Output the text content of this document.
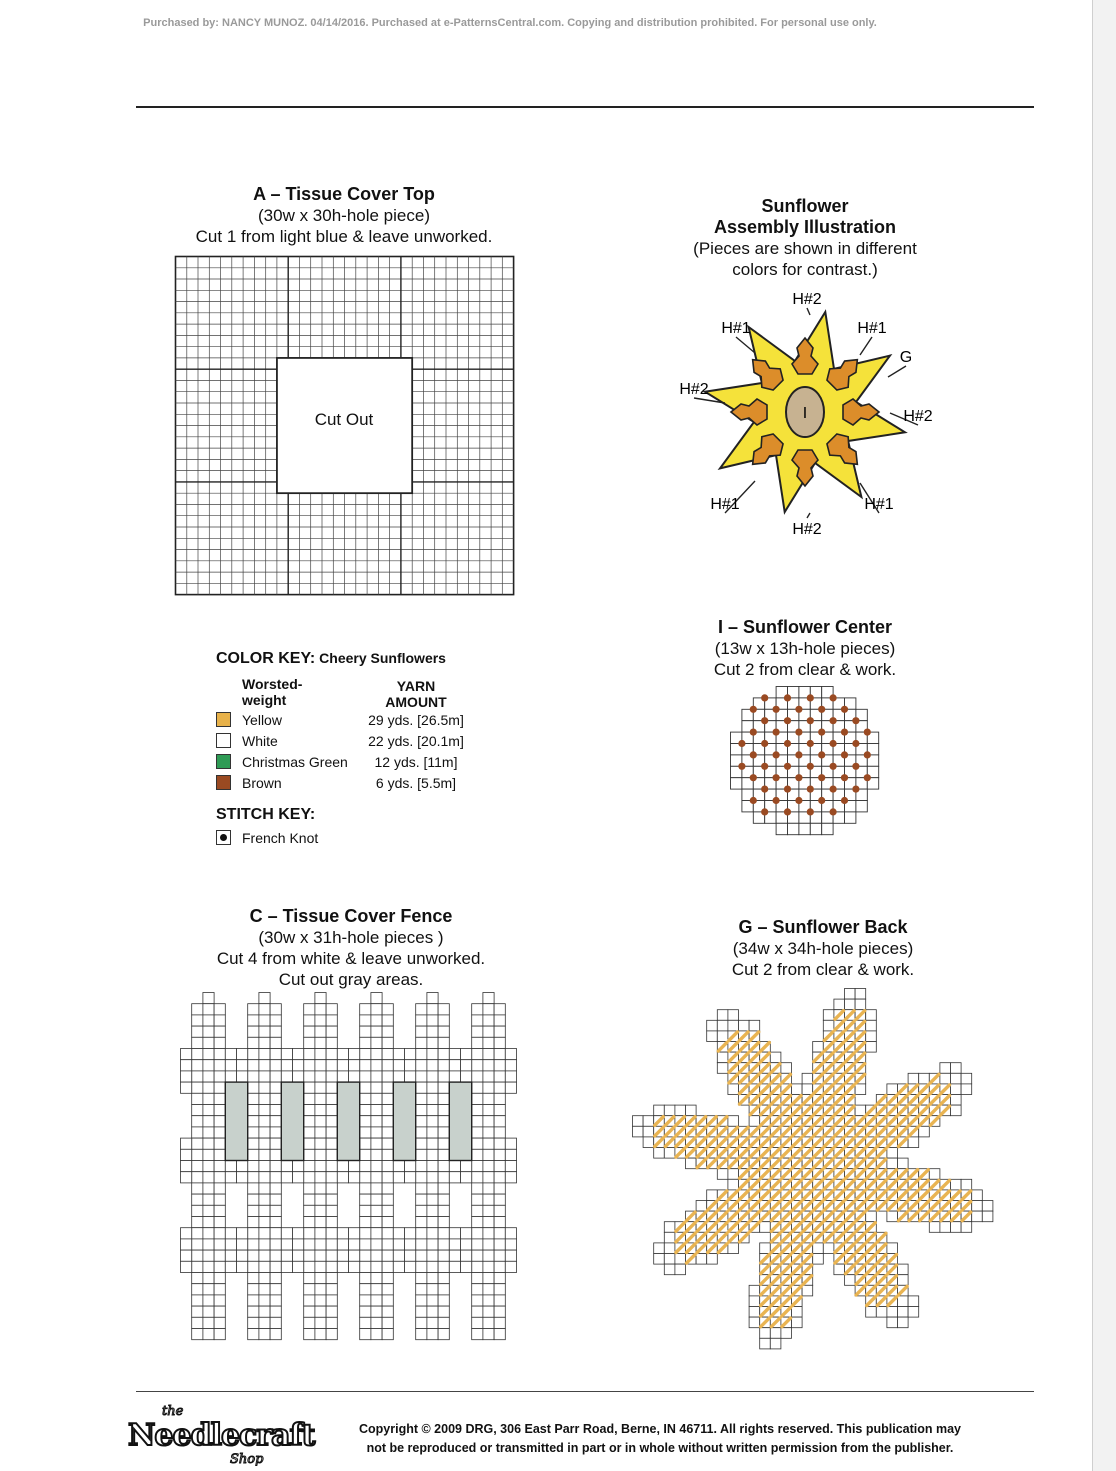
Purchased by: NANCY MUNOZ. 04/14/2016. Purchased at e-PatternsCentral.com. Copying and distribution prohibited. For personal use only.
A – Tissue Cover Top
(30w x 30h-hole piece)
Cut 1 from light blue & leave unworked.
Cut Out
Sunflower
Assembly Illustration
(Pieces are shown in different
colors for contrast.)
I
H#2
H#1	H#1
G
H#2
H#2
H#1	H#1
H#2
COLOR KEY: Cheery Sunflowers
Worsted-
weight
YARN
AMOUNT
Yellow	29 yds. [26.5m]
White	22 yds. [20.1m]
Christmas Green	12 yds. [11m]
Brown	6 yds. [5.5m]
STITCH KEY:
French Knot
I – Sunflower Center
(13w x 13h-hole pieces)
Cut 2 from clear & work.
C – Tissue Cover Fence
(30w x 31h-hole pieces )
Cut 4 from white & leave unworked.
Cut out gray areas.
G – Sunflower Back
(34w x 34h-hole pieces)
Cut 2 from clear & work.
the
Needlecraft
Shop
Copyright © 2009 DRG, 306 East Parr Road, Berne, IN 46711. All rights reserved. This publication may
not be reproduced or transmitted in part or in whole without written permission from the publisher.
